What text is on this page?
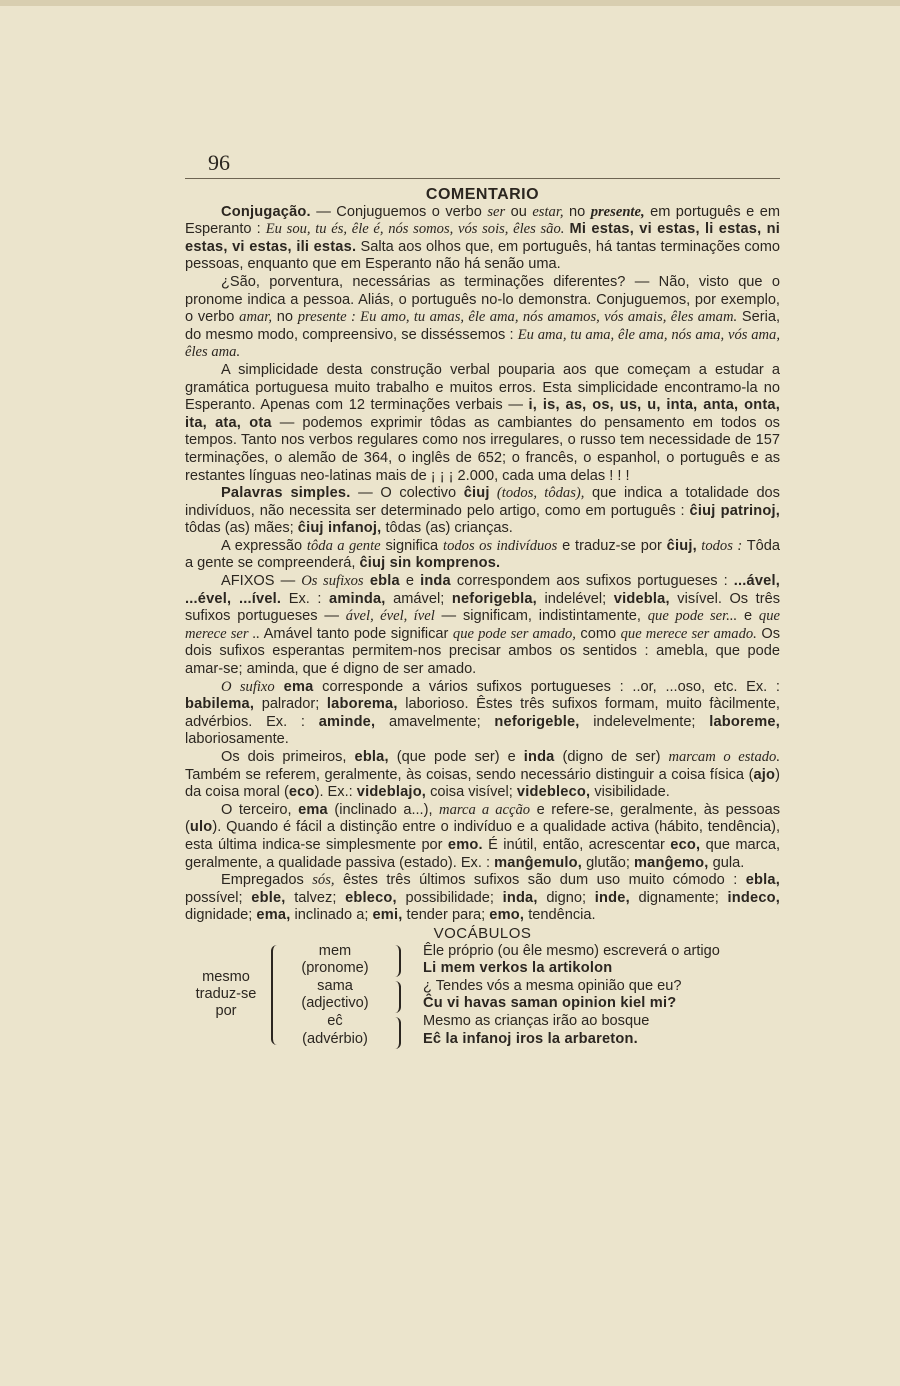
96

COMENTARIO

Conjugação. — Conjuguemos o verbo ser ou estar, no presente, em português e em Esperanto : Eu sou, tu és, êle é, nós somos, vós sois, êles são. Mi estas, vi estas, li estas, ni estas, vi estas, ili estas. Salta aos olhos que, em português, há tantas terminações como pessoas, enquanto que em Esperanto não há senão uma.

¿São, porventura, necessárias as terminações diferentes? — Não, visto que o pronome indica a pessoa. Aliás, o português no-lo demonstra. Conjuguemos, por exemplo, o verbo amar, no presente : Eu amo, tu amas, êle ama, nós amamos, vós amais, êles amam. Seria, do mesmo modo, compreensivo, se disséssemos : Eu ama, tu ama, êle ama, nós ama, vós ama, êles ama.

A simplicidade desta construção verbal pouparia aos que começam a estudar a gramática portuguesa muito trabalho e muitos erros. Esta simplicidade encontramo-la no Esperanto. Apenas com 12 terminações verbais — i, is, as, os, us, u, inta, anta, onta, ita, ata, ota — podemos exprimir tôdas as cambiantes do pensamento em todos os tempos. Tanto nos verbos regulares como nos irregulares, o russo tem necessidade de 157 terminações, o alemão de 364, o inglês de 652; o francês, o espanhol, o português e as restantes línguas neo-latinas mais de ¡ ¡ ¡ 2.000, cada uma delas ! ! !

Palavras simples. — O colectivo ĉiuj (todos, tôdas), que indica a totalidade dos indivíduos, não necessita ser determinado pelo artigo, como em português : ĉiuj patrinoj, tôdas (as) mães; ĉiuj infanoj, tôdas (as) crianças.

A expressão tôda a gente significa todos os indivíduos e traduz-se por ĉiuj, todos : Tôda a gente se compreenderá, ĉiuj sin komprenos.

AFIXOS — Os sufixos ebla e inda correspondem aos sufixos portugueses : ...ável, ...ével, ...ível. Ex. : aminda, amável; neforigebla, indelével; videbla, visível. Os três sufixos portugueses — ável, ével, ível — significam, indistintamente, que pode ser... e que merece ser .. Amável tanto pode significar que pode ser amado, como que merece ser amado. Os dois sufixos esperantas permitem-nos precisar ambos os sentidos : amebla, que pode amar-se; aminda, que é digno de ser amado.

O sufixo ema corresponde a vários sufixos portugueses : ..or, ...oso, etc. Ex. : babilema, palrador; laborema, laborioso. Êstes três sufixos formam, muito fàcilmente, advérbios. Ex. : aminde, amavelmente; neforigeble, indelevelmente; laboreme, laboriosamente.

Os dois primeiros, ebla, (que pode ser) e inda (digno de ser) marcam o estado. Também se referem, geralmente, às coisas, sendo necessário distinguir a coisa física (ajo) da coisa moral (eco). Ex.: videblajo, coisa visível; videbleco, visibilidade.

O terceiro, ema (inclinado a...), marca a acção e refere-se, geralmente, às pessoas (ulo). Quando é fácil a distinção entre o indivíduo e a qualidade activa (hábito, tendência), esta última indica-se simplesmente por emo. É inútil, então, acrescentar eco, que marca, geralmente, a qualidade passiva (estado). Ex. : manĝemulo, glutão; manĝemo, gula.

Empregados sós, êstes três últimos sufixos são dum uso muito cómodo : ebla, possível; eble, talvez; ebleco, possibilidade; inda, digno; inde, dignamente; indeco, dignidade; ema, inclinado a; emi, tender para; emo, tendência.

VOCÁBULOS
mesmo
traduz-se
por
mem
(pronome)
sama
(adjectivo)
eĉ
(advérbio)
Êle próprio (ou êle mesmo) escreverá o artigo
Li mem verkos la artikolon
¿ Tendes vós a mesma opinião que eu?
Ĉu vi havas saman opinion kiel mi?
Mesmo as crianças irão ao bosque
Eĉ la infanoj iros la arbareton.
